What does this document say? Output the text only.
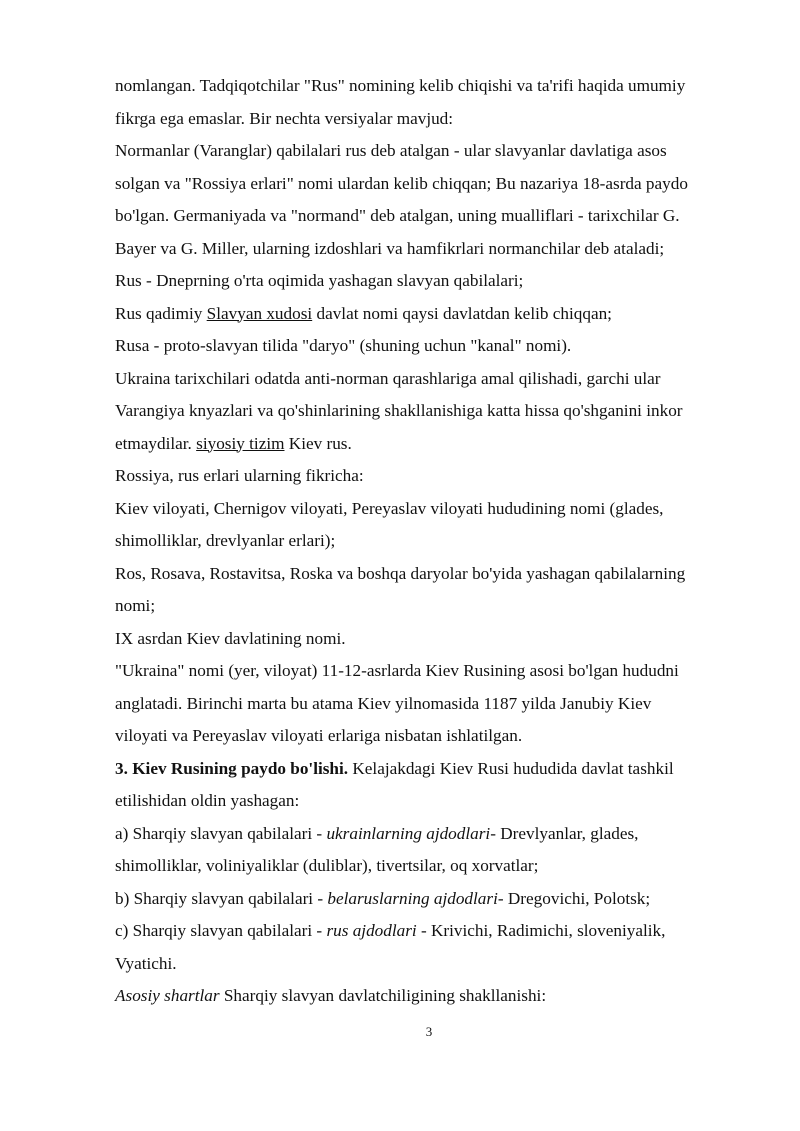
nomlangan. Tadqiqotchilar "Rus" nomining kelib chiqishi va ta'rifi haqida umumiy

fikrga ega emaslar. Bir nechta versiyalar mavjud:

Normanlar (Varanglar) qabilalari rus deb atalgan - ular slavyanlar davlatiga asos

solgan va "Rossiya erlari" nomi ulardan kelib chiqqan; Bu nazariya 18-asrda paydo

bo'lgan. Germaniyada va "normand" deb atalgan, uning mualliflari - tarixchilar G.

Bayer va G. Miller, ularning izdoshlari va hamfikrlari normanchilar deb ataladi;

Rus - Dneprning o'rta oqimida yashagan slavyan qabilalari;

Rus qadimiy Slavyan xudosi davlat nomi qaysi davlatdan kelib chiqqan;

Rusa - proto-slavyan tilida "daryo" (shuning uchun "kanal" nomi).

Ukraina tarixchilari odatda anti-norman qarashlariga amal qilishadi, garchi ular

Varangiya knyazlari va qo'shinlarining shakllanishiga katta hissa qo'shganini inkor

etmaydilar. siyosiy tizim Kiev rus.

Rossiya, rus erlari ularning fikricha:

Kiev viloyati, Chernigov viloyati, Pereyaslav viloyati hududining nomi (glades,

shimolliklar, drevlyanlar erlari);

Ros, Rosava, Rostavitsa, Roska va boshqa daryolar bo'yida yashagan qabilalarning

nomi;

IX asrdan Kiev davlatining nomi.

"Ukraina" nomi (yer, viloyat) 11-12-asrlarda Kiev Rusining asosi bo'lgan hududni

anglatadi. Birinchi marta bu atama Kiev yilnomasida 1187 yilda Janubiy Kiev

viloyati va Pereyaslav viloyati erlariga nisbatan ishlatilgan.

3. Kiev Rusining paydo bo'lishi. Kelajakdagi Kiev Rusi hududida davlat tashkil

etilishidan oldin yashagan:

a) Sharqiy slavyan qabilalari - ukrainlarning ajdodlari- Drevlyanlar, glades,

shimolliklar, voliniyaliklar (duliblar), tivertsilar, oq xorvatlar;

b) Sharqiy slavyan qabilalari - belaruslarning ajdodlari- Dregovichi, Polotsk;

c) Sharqiy slavyan qabilalari - rus ajdodlari - Krivichi, Radimichi, sloveniyalik,

Vyatichi.

Asosiy shartlar Sharqiy slavyan davlatchiligining shakllanishi:

3
